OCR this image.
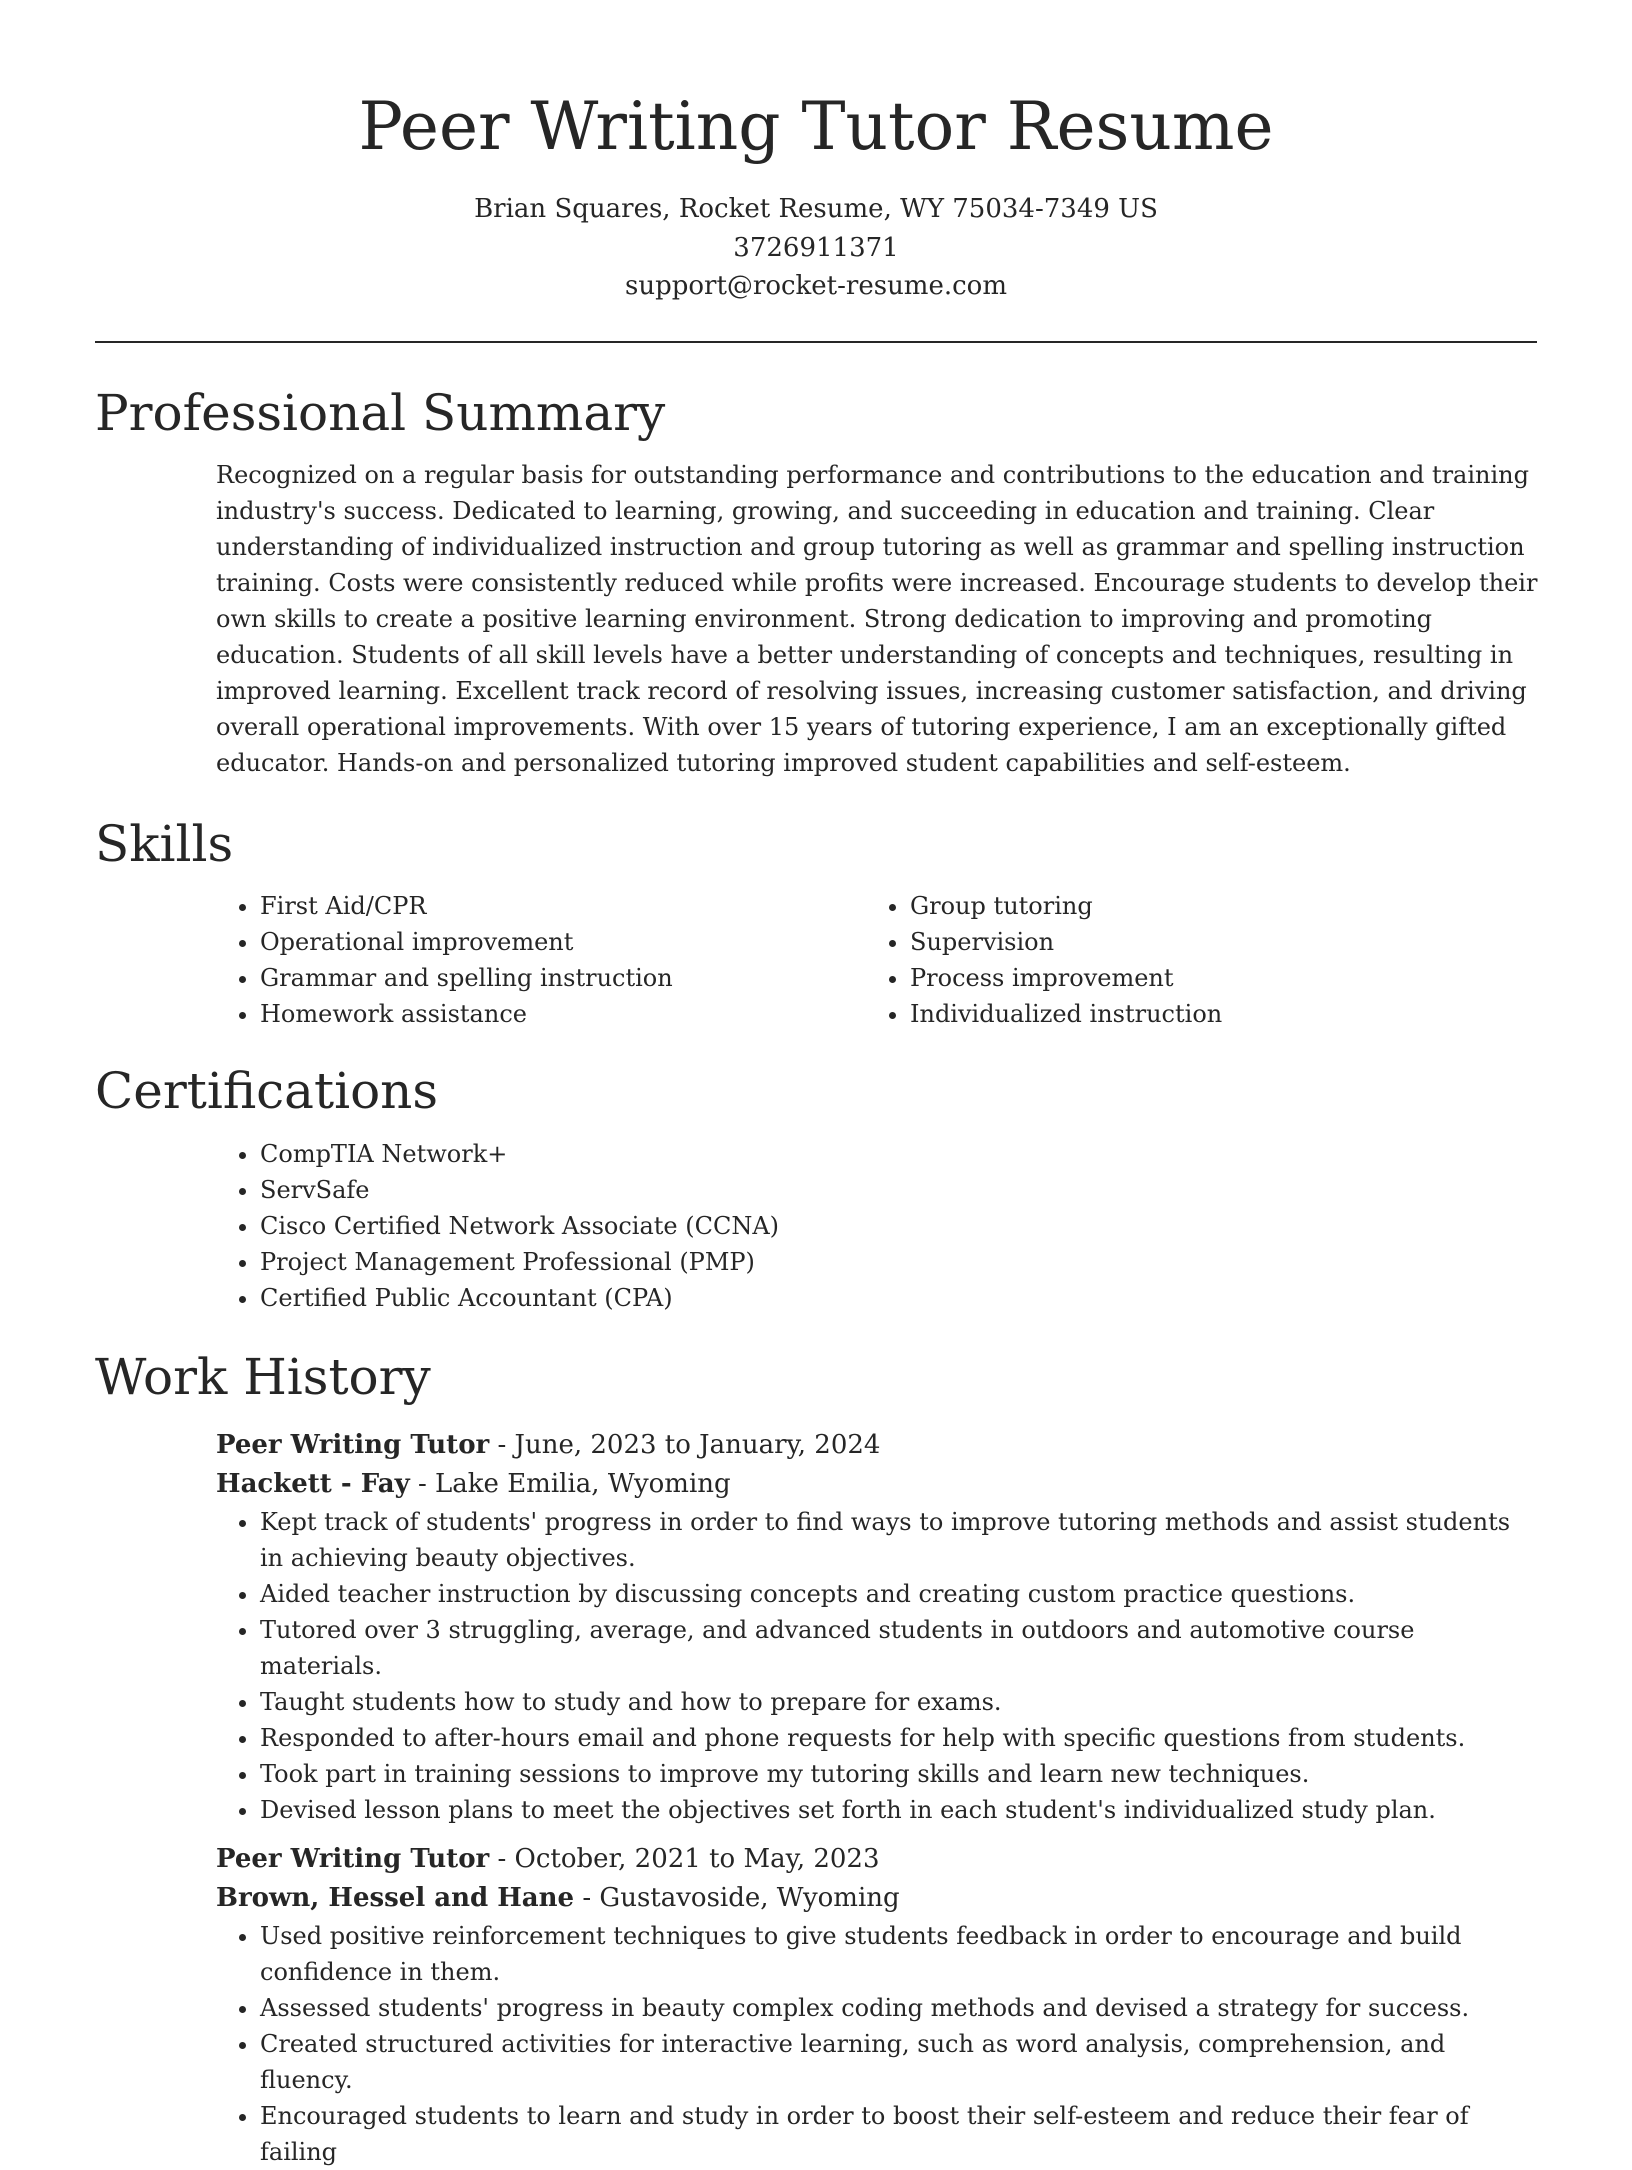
Peer Writing Tutor Resume
Brian Squares, Rocket Resume, WY 75034-7349 US
3726911371
support@rocket-resume.com
Professional Summary

Recognized on a regular basis for outstanding performance and contributions to the education and training industry's success. Dedicated to learning, growing, and succeeding in education and training. Clear understanding of individualized instruction and group tutoring as well as grammar and spelling instruction training. Costs were consistently reduced while profits were increased. Encourage students to develop their own skills to create a positive learning environment. Strong dedication to improving and promoting education. Students of all skill levels have a better understanding of concepts and techniques, resulting in improved learning. Excellent track record of resolving issues, increasing customer satisfaction, and driving overall operational improvements. With over 15 years of tutoring experience, I am an exceptionally gifted educator. Hands-on and personalized tutoring improved student capabilities and self-esteem.

Skills
• First Aid/CPR
• Operational improvement
• Grammar and spelling instruction
• Homework assistance
• Group tutoring
• Supervision
• Process improvement
• Individualized instruction
Certifications
• CompTIA Network+
• ServSafe
• Cisco Certified Network Associate (CCNA)
• Project Management Professional (PMP)
• Certified Public Accountant (CPA)
Work History
Peer Writing Tutor - June, 2023 to January, 2024
Hackett - Fay - Lake Emilia, Wyoming
• Kept track of students' progress in order to find ways to improve tutoring methods and assist students in achieving beauty objectives.
• Aided teacher instruction by discussing concepts and creating custom practice questions.
• Tutored over 3 struggling, average, and advanced students in outdoors and automotive course materials.
• Taught students how to study and how to prepare for exams.
• Responded to after-hours email and phone requests for help with specific questions from students.
• Took part in training sessions to improve my tutoring skills and learn new techniques.
• Devised lesson plans to meet the objectives set forth in each student's individualized study plan.
Peer Writing Tutor - October, 2021 to May, 2023
Brown, Hessel and Hane - Gustavoside, Wyoming
• Used positive reinforcement techniques to give students feedback in order to encourage and build confidence in them.
• Assessed students' progress in beauty complex coding methods and devised a strategy for success.
• Created structured activities for interactive learning, such as word analysis, comprehension, and fluency.
• Encouraged students to learn and study in order to boost their self-esteem and reduce their fear of failing
